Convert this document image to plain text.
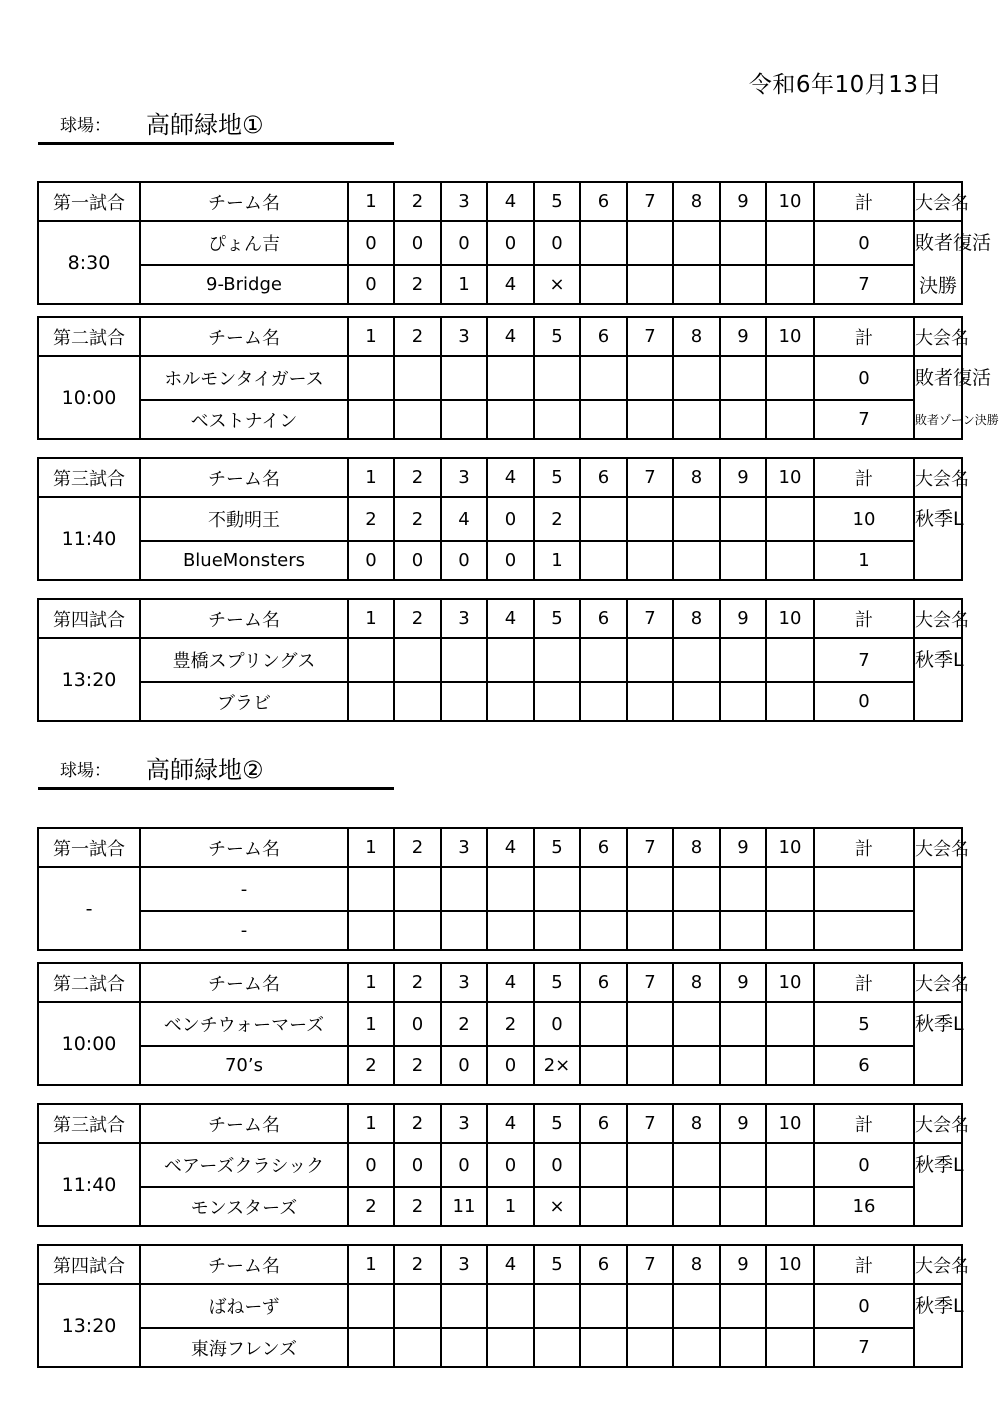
令和6年10月13日
球場： 高師緑地①
第一試合	チーム名	1	2	3	4	5	6	7	8	9	10	計	大会名
8:30	ぴょん吉	0	0	0	0	0						0	敗者復活
	9-Bridge	0	2	1	4	×						7	決勝
第二試合	チーム名	1	2	3	4	5	6	7	8	9	10	計	大会名
10:00	ホルモンタイガース											0	敗者復活
	ベストナイン											7	敗者ゾーン決勝
第三試合	チーム名	1	2	3	4	5	6	7	8	9	10	計	大会名
11:40	不動明王	2	2	4	0	2						10	秋季L
	BlueMonsters	0	0	0	0	1						1	
第四試合	チーム名	1	2	3	4	5	6	7	8	9	10	計	大会名
13:20	豊橋スプリングス											7	秋季L
	ブラビ											0	
球場： 高師緑地②
第一試合	チーム名	1	2	3	4	5	6	7	8	9	10	計	大会名
-	-												
	-												
第二試合	チーム名	1	2	3	4	5	6	7	8	9	10	計	大会名
10:00	ベンチウォーマーズ	1	0	2	2	0						5	秋季L
	70’s	2	2	0	0	2×						6	
第三試合	チーム名	1	2	3	4	5	6	7	8	9	10	計	大会名
11:40	ベアーズクラシック	0	0	0	0	0						0	秋季L
	モンスターズ	2	2	11	1	×						16	
第四試合	チーム名	1	2	3	4	5	6	7	8	9	10	計	大会名
13:20	ばねーず											0	秋季L
	東海フレンズ											7	
